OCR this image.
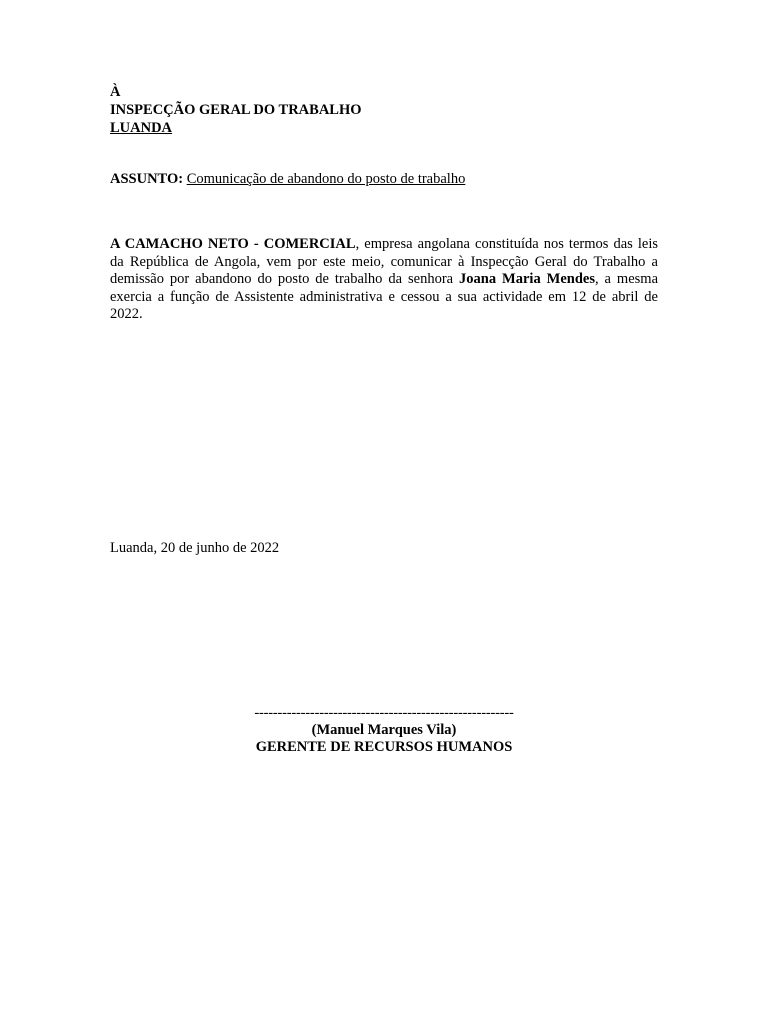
À
INSPECÇÃO GERAL DO TRABALHO
LUANDA
ASSUNTO: Comunicação de abandono do posto de trabalho
A CAMACHO NETO - COMERCIAL, empresa angolana constituída nos termos das leis da República de Angola, vem por este meio, comunicar à Inspecção Geral do Trabalho a demissão por abandono do posto de trabalho da senhora Joana Maria Mendes, a mesma exercia a função de Assistente administrativa e cessou a sua actividade em 12 de abril de 2022.
Luanda, 20 de junho de 2022
--------------------------------------------------------
(Manuel Marques Vila)
GERENTE DE RECURSOS HUMANOS
